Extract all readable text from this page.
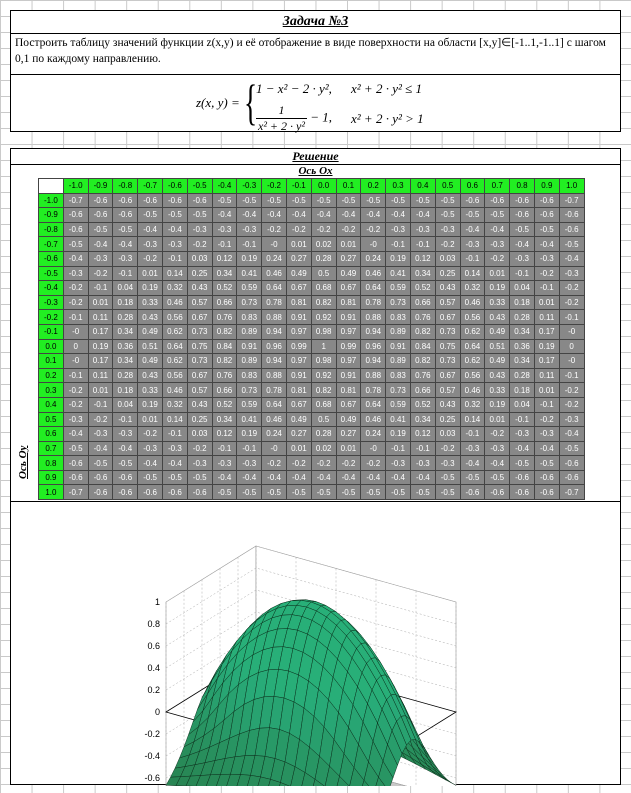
Задача №3
Построить таблицу значений функции z(x,y) и её отображение в виде поверхности на области [x,y]∈[-1..1,-1..1] с шагом 0,1 по каждому направлению.
z(x, y) = {
1 − x² − 2 · y², x² + 2 · y² ≤ 1
$\frac{1}{\text{x² + 2 · y²}} - 1$, x² + 2 · y² > 1
Решение
Ось Ox
Ось Oy
	-1.0	-0.9	-0.8	-0.7	-0.6	-0.5	-0.4	-0.3	-0.2	-0.1	0.0	0.1	0.2	0.3	0.4	0.5	0.6	0.7	0.8	0.9	1.0
-1.0	-0.7	-0.6	-0.6	-0.6	-0.6	-0.6	-0.5	-0.5	-0.5	-0.5	-0.5	-0.5	-0.5	-0.5	-0.5	-0.5	-0.6	-0.6	-0.6	-0.6	-0.7
-0.9	-0.6	-0.6	-0.6	-0.5	-0.5	-0.5	-0.4	-0.4	-0.4	-0.4	-0.4	-0.4	-0.4	-0.4	-0.4	-0.5	-0.5	-0.5	-0.6	-0.6	-0.6
-0.8	-0.6	-0.5	-0.5	-0.4	-0.4	-0.3	-0.3	-0.3	-0.2	-0.2	-0.2	-0.2	-0.2	-0.3	-0.3	-0.3	-0.4	-0.4	-0.5	-0.5	-0.6
-0.7	-0.5	-0.4	-0.4	-0.3	-0.3	-0.2	-0.1	-0.1	-0	0.01	0.02	0.01	-0	-0.1	-0.1	-0.2	-0.3	-0.3	-0.4	-0.4	-0.5
-0.6	-0.4	-0.3	-0.3	-0.2	-0.1	0.03	0.12	0.19	0.24	0.27	0.28	0.27	0.24	0.19	0.12	0.03	-0.1	-0.2	-0.3	-0.3	-0.4
-0.5	-0.3	-0.2	-0.1	0.01	0.14	0.25	0.34	0.41	0.46	0.49	0.5	0.49	0.46	0.41	0.34	0.25	0.14	0.01	-0.1	-0.2	-0.3
-0.4	-0.2	-0.1	0.04	0.19	0.32	0.43	0.52	0.59	0.64	0.67	0.68	0.67	0.64	0.59	0.52	0.43	0.32	0.19	0.04	-0.1	-0.2
-0.3	-0.2	0.01	0.18	0.33	0.46	0.57	0.66	0.73	0.78	0.81	0.82	0.81	0.78	0.73	0.66	0.57	0.46	0.33	0.18	0.01	-0.2
-0.2	-0.1	0.11	0.28	0.43	0.56	0.67	0.76	0.83	0.88	0.91	0.92	0.91	0.88	0.83	0.76	0.67	0.56	0.43	0.28	0.11	-0.1
-0.1	-0	0.17	0.34	0.49	0.62	0.73	0.82	0.89	0.94	0.97	0.98	0.97	0.94	0.89	0.82	0.73	0.62	0.49	0.34	0.17	-0
0.0	0	0.19	0.36	0.51	0.64	0.75	0.84	0.91	0.96	0.99	1	0.99	0.96	0.91	0.84	0.75	0.64	0.51	0.36	0.19	0
0.1	-0	0.17	0.34	0.49	0.62	0.73	0.82	0.89	0.94	0.97	0.98	0.97	0.94	0.89	0.82	0.73	0.62	0.49	0.34	0.17	-0
0.2	-0.1	0.11	0.28	0.43	0.56	0.67	0.76	0.83	0.88	0.91	0.92	0.91	0.88	0.83	0.76	0.67	0.56	0.43	0.28	0.11	-0.1
0.3	-0.2	0.01	0.18	0.33	0.46	0.57	0.66	0.73	0.78	0.81	0.82	0.81	0.78	0.73	0.66	0.57	0.46	0.33	0.18	0.01	-0.2
0.4	-0.2	-0.1	0.04	0.19	0.32	0.43	0.52	0.59	0.64	0.67	0.68	0.67	0.64	0.59	0.52	0.43	0.32	0.19	0.04	-0.1	-0.2
0.5	-0.3	-0.2	-0.1	0.01	0.14	0.25	0.34	0.41	0.46	0.49	0.5	0.49	0.46	0.41	0.34	0.25	0.14	0.01	-0.1	-0.2	-0.3
0.6	-0.4	-0.3	-0.3	-0.2	-0.1	0.03	0.12	0.19	0.24	0.27	0.28	0.27	0.24	0.19	0.12	0.03	-0.1	-0.2	-0.3	-0.3	-0.4
0.7	-0.5	-0.4	-0.4	-0.3	-0.3	-0.2	-0.1	-0.1	-0	0.01	0.02	0.01	-0	-0.1	-0.1	-0.2	-0.3	-0.3	-0.4	-0.4	-0.5
0.8	-0.6	-0.5	-0.5	-0.4	-0.4	-0.3	-0.3	-0.3	-0.2	-0.2	-0.2	-0.2	-0.2	-0.3	-0.3	-0.3	-0.4	-0.4	-0.5	-0.5	-0.6
0.9	-0.6	-0.6	-0.6	-0.5	-0.5	-0.5	-0.4	-0.4	-0.4	-0.4	-0.4	-0.4	-0.4	-0.4	-0.4	-0.5	-0.5	-0.5	-0.6	-0.6	-0.6
1.0	-0.7	-0.6	-0.6	-0.6	-0.6	-0.6	-0.5	-0.5	-0.5	-0.5	-0.5	-0.5	-0.5	-0.5	-0.5	-0.5	-0.6	-0.6	-0.6	-0.6	-0.7
1
0.8
0.6
0.4
0.2
0
-0.2
-0.4
-0.6
